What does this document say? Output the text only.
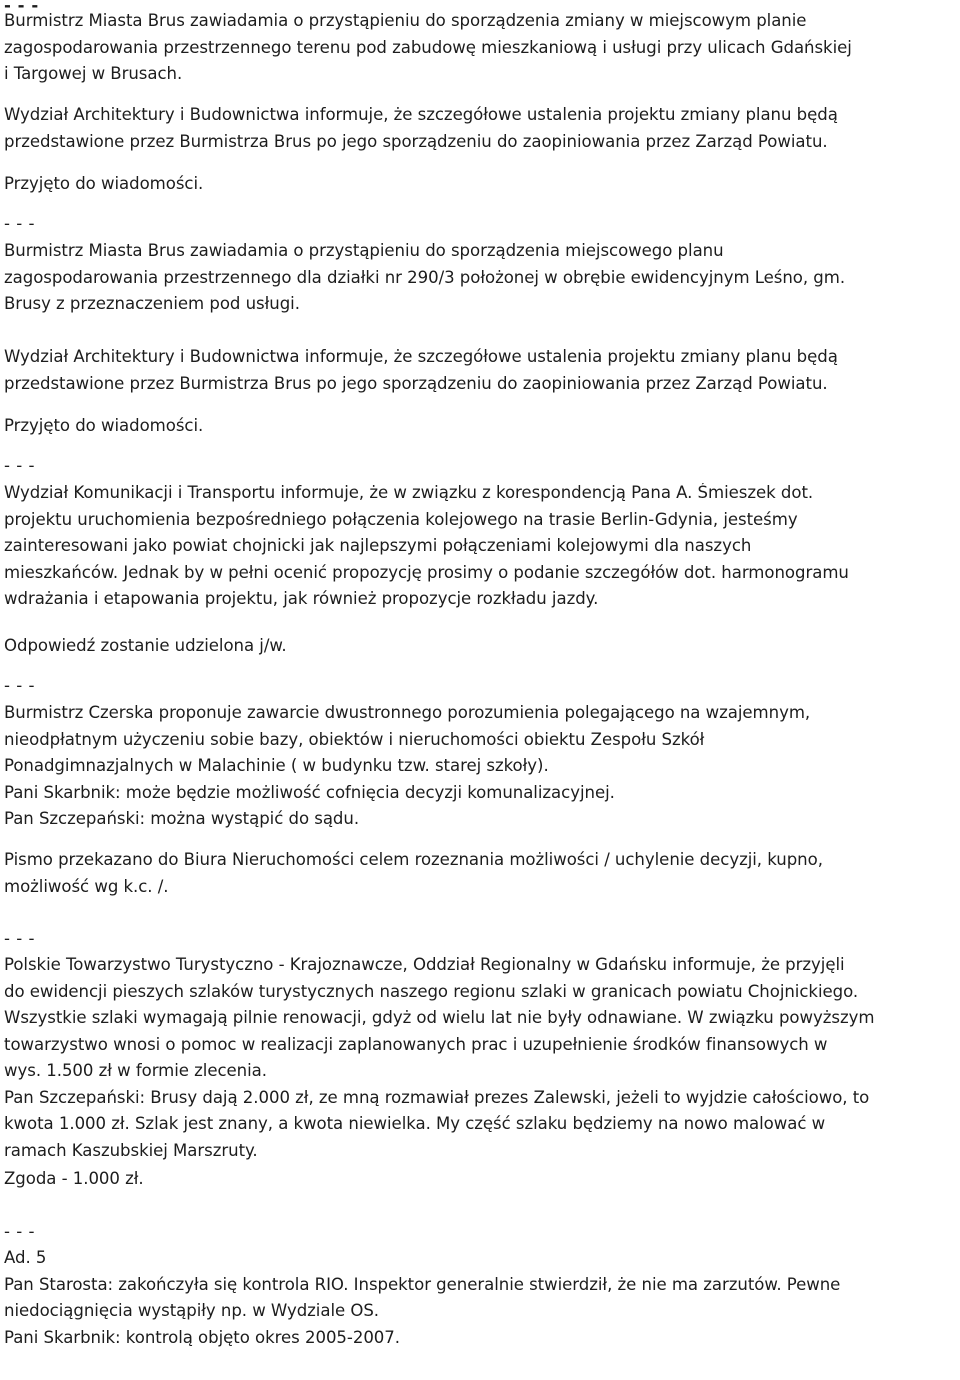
- - -
Burmistrz Miasta Brus zawiadamia o przystąpieniu do sporządzenia zmiany w miejscowym planie
zagospodarowania przestrzennego terenu pod zabudowę mieszkaniową i usługi przy ulicach Gdańskiej
i Targowej w Brusach.
Wydział Architektury i Budownictwa informuje, że szczegółowe ustalenia projektu zmiany planu będą
przedstawione przez Burmistrza Brus po jego sporządzeniu do zaopiniowania przez Zarząd Powiatu.
Przyjęto do wiadomości.
- - -
Burmistrz Miasta Brus zawiadamia o przystąpieniu do sporządzenia miejscowego planu
zagospodarowania przestrzennego dla działki nr 290/3 położonej w obrębie ewidencyjnym Leśno, gm.
Brusy z przeznaczeniem pod usługi.
Wydział Architektury i Budownictwa informuje, że szczegółowe ustalenia projektu zmiany planu będą
przedstawione przez Burmistrza Brus po jego sporządzeniu do zaopiniowania przez Zarząd Powiatu.
Przyjęto do wiadomości.
- - -
Wydział Komunikacji i Transportu informuje, że w związku z korespondencją Pana A. Śmieszek dot.
projektu uruchomienia bezpośredniego połączenia kolejowego na trasie Berlin-Gdynia, jesteśmy
zainteresowani jako powiat chojnicki jak najlepszymi połączeniami kolejowymi dla naszych
mieszkańców. Jednak by w pełni ocenić propozycję prosimy o podanie szczegółów dot. harmonogramu
wdrażania i etapowania projektu, jak również propozycje rozkładu jazdy.
Odpowiedź zostanie udzielona j/w.
- - -
Burmistrz Czerska proponuje zawarcie dwustronnego porozumienia polegającego na wzajemnym,
nieodpłatnym użyczeniu sobie bazy, obiektów i nieruchomości obiektu Zespołu Szkół
Ponadgimnazjalnych w Malachinie ( w budynku tzw. starej szkoły).
Pani Skarbnik: może będzie możliwość cofnięcia decyzji komunalizacyjnej.
Pan Szczepański: można wystąpić do sądu.
Pismo przekazano do Biura Nieruchomości celem rozeznania możliwości / uchylenie decyzji, kupno,
możliwość wg k.c. /.
- - -
Polskie Towarzystwo Turystyczno - Krajoznawcze, Oddział Regionalny w Gdańsku informuje, że przyjęli
do ewidencji pieszych szlaków turystycznych naszego regionu szlaki w granicach powiatu Chojnickiego.
Wszystkie szlaki wymagają pilnie renowacji, gdyż od wielu lat nie były odnawiane. W związku powyższym
towarzystwo wnosi o pomoc w realizacji zaplanowanych prac i uzupełnienie środków finansowych w
wys. 1.500 zł w formie zlecenia.
Pan Szczepański: Brusy dają 2.000 zł, ze mną rozmawiał prezes Zalewski, jeżeli to wyjdzie całościowo, to
kwota 1.000 zł. Szlak jest znany, a kwota niewielka. My część szlaku będziemy na nowo malować w
ramach Kaszubskiej Marszruty.
Zgoda - 1.000 zł.
- - -
Ad. 5
Pan Starosta: zakończyła się kontrola RIO. Inspektor generalnie stwierdził, że nie ma zarzutów. Pewne
niedociągnięcia wystąpiły np. w Wydziale OS.
Pani Skarbnik: kontrolą objęto okres 2005-2007.
